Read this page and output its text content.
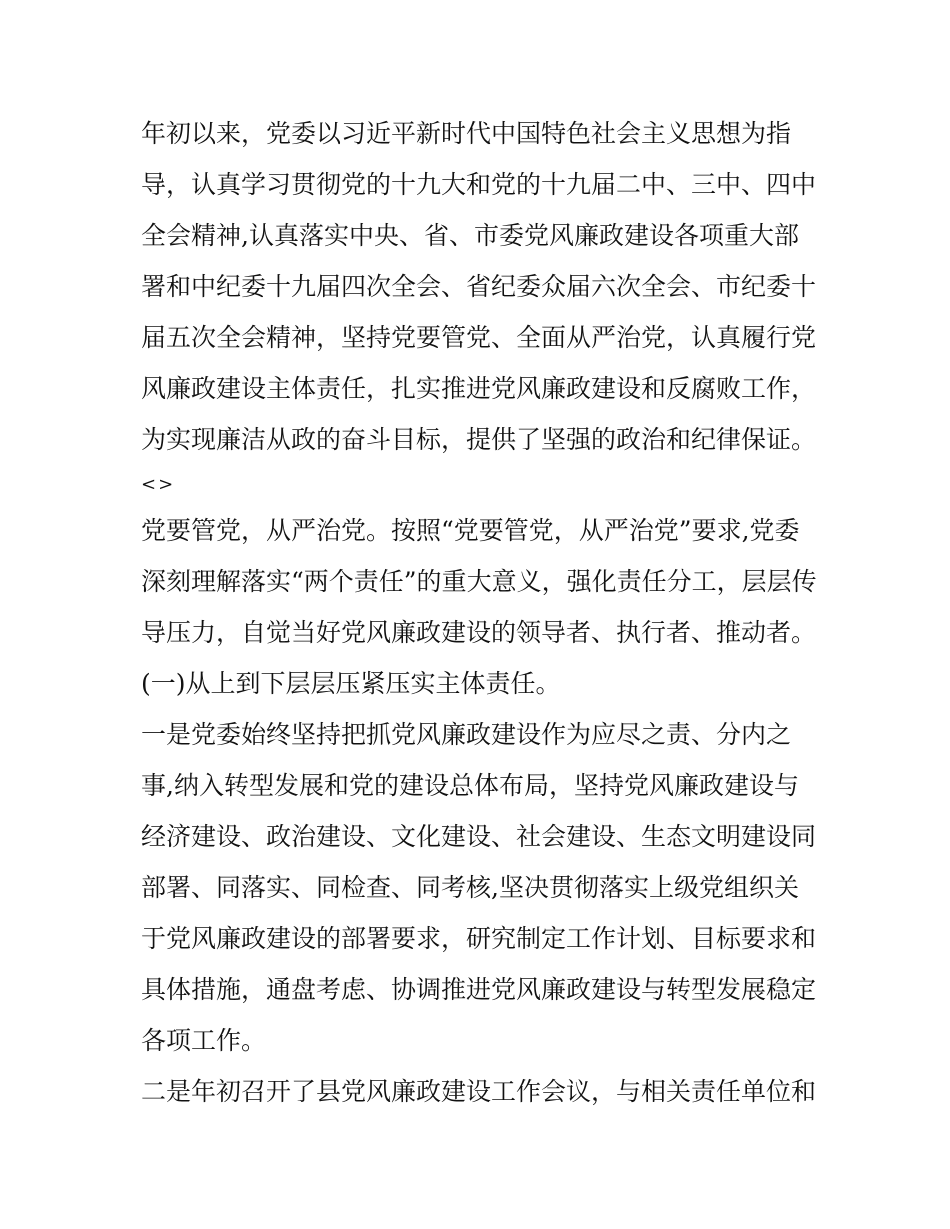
年初以来，党委以习近平新时代中国特色社会主义思想为指
导，认真学习贯彻党的十九大和党的十九届二中、三中、四中
全会精神,认真落实中央、省、市委党风廉政建设各项重大部
署和中纪委十九届四次全会、省纪委众届六次全会、市纪委十
届五次全会精神，坚持党要管党、全面从严治党，认真履行党
风廉政建设主体责任，扎实推进党风廉政建设和反腐败工作，
为实现廉洁从政的奋斗目标，提供了坚强的政治和纪律保证。
<>
党要管党，从严治党。按照“党要管党，从严治党”要求,党委
深刻理解落实“两个责任”的重大意义，强化责任分工，层层传
导压力，自觉当好党风廉政建设的领导者、执行者、推动者。
(一)从上到下层层压紧压实主体责任。
一是党委始终坚持把抓党风廉政建设作为应尽之责、分内之
事,纳入转型发展和党的建设总体布局，坚持党风廉政建设与
经济建设、政治建设、文化建设、社会建设、生态文明建设同
部署、同落实、同检查、同考核,坚决贯彻落实上级党组织关
于党风廉政建设的部署要求，研究制定工作计划、目标要求和
具体措施，通盘考虑、协调推进党风廉政建设与转型发展稳定
各项工作。
二是年初召开了县党风廉政建设工作会议，与相关责任单位和
